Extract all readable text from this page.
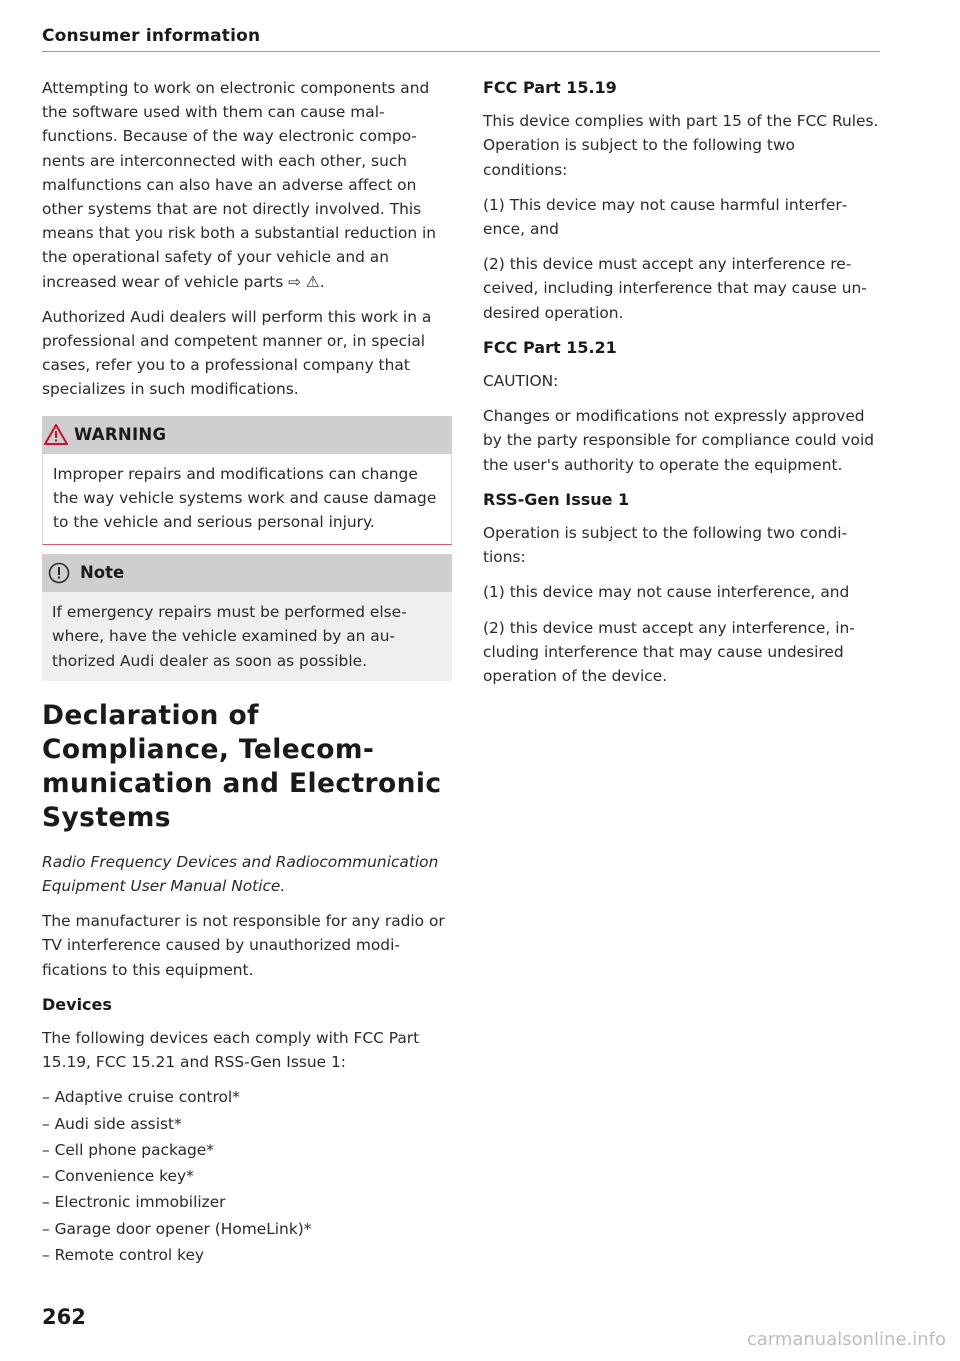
Consumer information

Attempting to work on electronic components and the software used with them can cause malfunctions. Because of the way electronic components are interconnected with each other, such malfunctions can also have an adverse affect on other systems that are not directly involved. This means that you risk both a substantial reduction in the operational safety of your vehicle and an increased wear of vehicle parts ⇨ ⚠.

Authorized Audi dealers will perform this work in a professional and competent manner or, in special cases, refer you to a professional company that specializes in such modifications.

WARNING
Improper repairs and modifications can change the way vehicle systems work and cause damage to the vehicle and serious personal injury.
Note
If emergency repairs must be performed elsewhere, have the vehicle examined by an authorized Audi dealer as soon as possible.
Declaration of Compliance, Telecommunication and Electronic Systems

Radio Frequency Devices and Radiocommunication Equipment User Manual Notice.

The manufacturer is not responsible for any radio or TV interference caused by unauthorized modifications to this equipment.

Devices

The following devices each comply with FCC Part 15.19, FCC 15.21 and RSS-Gen Issue 1:

– Adaptive cruise control*
– Audi side assist*
– Cell phone package*
– Convenience key*
– Electronic immobilizer
– Garage door opener (HomeLink)*
– Remote control key
FCC Part 15.19

This device complies with part 15 of the FCC Rules. Operation is subject to the following two conditions:

(1) This device may not cause harmful interference, and

(2) this device must accept any interference received, including interference that may cause undesired operation.

FCC Part 15.21

CAUTION:

Changes or modifications not expressly approved by the party responsible for compliance could void the user's authority to operate the equipment.

RSS-Gen Issue 1

Operation is subject to the following two conditions:

(1) this device may not cause interference, and

(2) this device must accept any interference, including interference that may cause undesired operation of the device.

262
carmanualsonline.info
